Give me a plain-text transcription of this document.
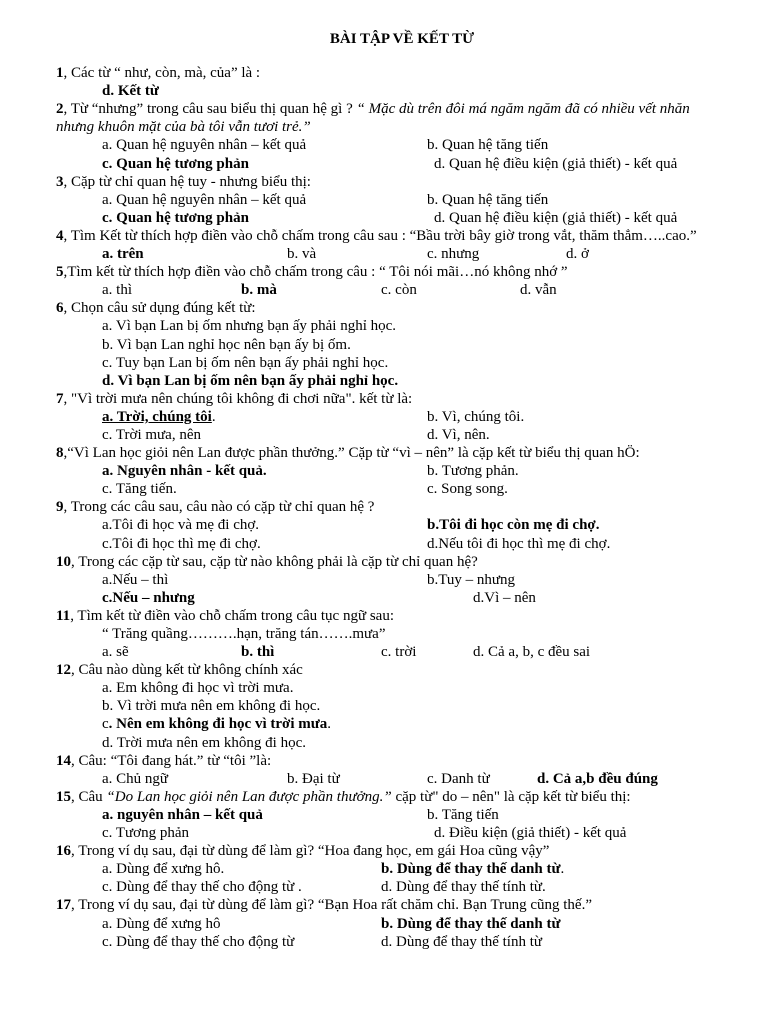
BÀI TẬP VỀ KẾT TỪ
1, Các từ “ như, còn, mà, của” là :
d. Kết từ
2, Từ “nhưng” trong câu sau biểu thị quan hệ gì ? “ Mặc dù trên đôi má ngăm ngăm đã có nhiều vết nhăn nhưng khuôn mặt của bà tôi vẫn tươi trẻ.”
a. Quan hệ nguyên nhân – kết quả	b. Quan hệ tăng tiến
c. Quan hệ tương phản	d. Quan hệ điều kiện (giả thiết) - kết quả
3, Cặp từ chỉ quan hệ tuy - nhưng biểu thị:
a. Quan hệ nguyên nhân – kết quả	b. Quan hệ tăng tiến
c. Quan hệ tương phản	d. Quan hệ điều kiện (giả thiết) - kết quả
4, Tìm Kết từ thích hợp điền vào chỗ chấm trong câu sau : “Bầu trời bây giờ trong vắt, thăm thẳm…..cao.”
a. trên	b. và	c. nhưng	d. ở
5,Tìm kết từ thích hợp điền vào chỗ chấm trong câu : “ Tôi nói mãi…nó không nhớ ”
a. thì	b. mà	c. còn	d. vẫn
6, Chọn câu sử dụng đúng kết từ:
a. Vì bạn Lan bị ốm nhưng bạn ấy phải nghỉ học.
b. Vì bạn Lan nghỉ học nên bạn ấy bị ốm.
c. Tuy bạn Lan bị ốm nên bạn ấy phải nghỉ học.
d. Vì bạn Lan bị ốm nên bạn ấy phải nghỉ học.
7, "Vì trời mưa nên chúng tôi không đi chơi nữa". kết từ là:
a. Trời, chúng tôi.	b. Vì, chúng tôi.
c. Trời mưa, nên	d. Vì, nên.
8,“Vì Lan học giỏi nên Lan được phần thưởng.” Cặp từ “vì – nên” là cặp kết từ biểu thị quan hÖ:
a. Nguyên nhân - kết quả.	b. Tương phản.
c. Tăng tiến.	c. Song song.
9, Trong các câu sau, câu nào có cặp từ chỉ quan hệ ?
a.Tôi đi học và mẹ đi chợ.	b.Tôi đi học còn mẹ đi chợ.
c.Tôi đi học thì mẹ đi chợ.	d.Nếu tôi đi học thì mẹ đi chợ.
10, Trong các cặp từ sau, cặp từ nào không phải là cặp từ chỉ quan hệ?
a.Nếu – thì	b.Tuy – nhưng
c.Nếu – nhưng	d.Vì – nên
11, Tìm kết từ điền vào chỗ chấm trong câu tục ngữ sau:
“ Trăng quầng……….hạn, trăng tán…….mưa”
a. sẽ	b. thì	c. trời	d. Cả a, b, c đều sai
12, Câu nào dùng kết từ không chính xác
a. Em không đi học vì trời mưa.
b. Vì trời mưa nên em không đi học.
c. Nên em không đi học vì trời mưa.
d. Trời mưa nên em không đi học.
14, Câu: “Tôi đang hát.” từ “tôi ”là:
a. Chủ ngữ	b. Đại từ	c. Danh từ	d. Cả a,b đều đúng
15, Câu “Do Lan học giỏi nên Lan được phần thưởng.” cặp từ" do – nên" là cặp kết từ biểu thị:
a. nguyên nhân – kết quả	b. Tăng tiến
c. Tương phản	d. Điều kiện (giả thiết) - kết quả
16, Trong ví dụ sau, đại từ dùng để làm gì? “Hoa đang học, em gái Hoa cũng vậy”
a. Dùng để xưng hô.	b. Dùng để thay thế danh từ.
c. Dùng để thay thế cho động từ .	d. Dùng để thay thế tính từ.
17, Trong ví dụ sau, đại từ dùng để làm gì? “Bạn Hoa rất chăm chỉ. Bạn Trung cũng thế.”
a. Dùng để xưng hô	b. Dùng để thay thế danh từ
c. Dùng để thay thế cho động từ	d. Dùng để thay thế tính từ
